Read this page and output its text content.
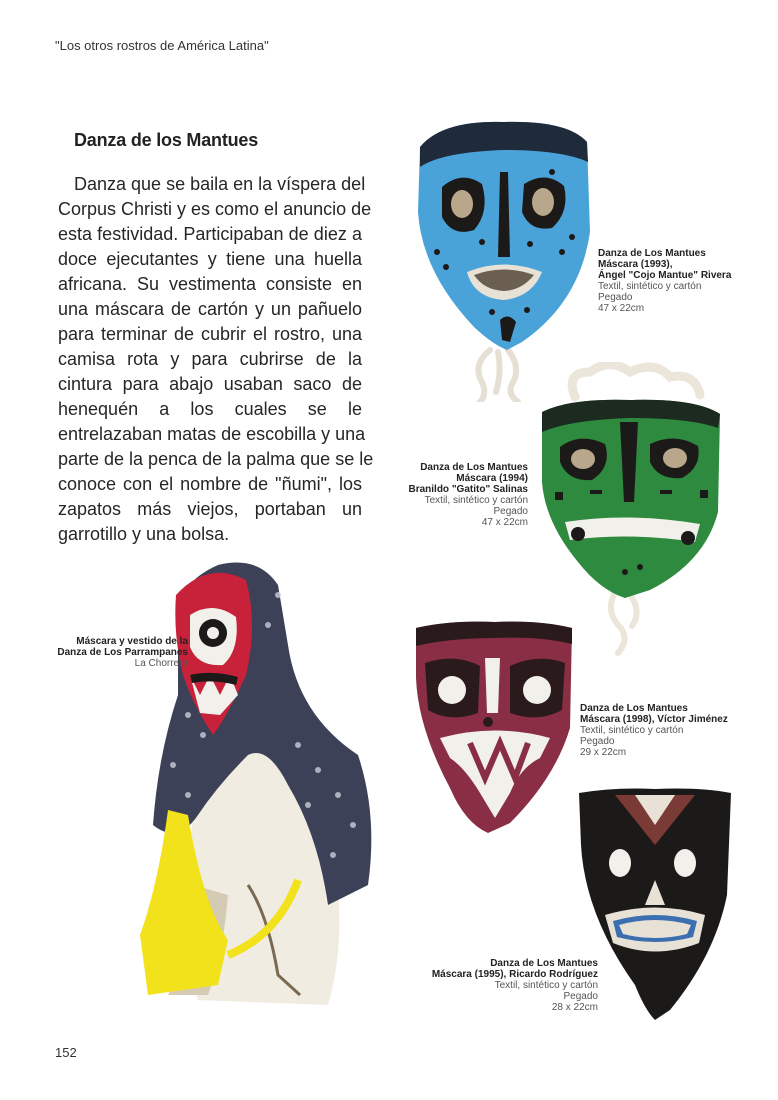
"Los otros rostros de América Latina"
Danza de los Mantues

Danza que se baila en la víspera del
Corpus Christi y es como el anuncio de
esta festividad. Participaban de diez a
doce ejecutantes y tiene una huella
africana. Su vestimenta consiste en
una máscara de cartón y un pañuelo
para terminar de cubrir el rostro, una
camisa rota y para cubrirse de la
cintura para abajo usaban saco de
henequén a los cuales se le
entrelazaban matas de escobilla y una
parte de la penca de la palma que se le
conoce con el nombre de "ñumi", los
zapatos más viejos, portaban un
garrotillo y una bolsa.

Danza de Los Mantues
Máscara (1993),
Ángel "Cojo Mantue" Rivera
Textil, sintético y cartón
Pegado
47 x 22cm
Danza de Los Mantues
Máscara (1994)
Branildo "Gatito" Salinas
Textil, sintético y cartón
Pegado
47 x 22cm
Máscara y vestido de la
Danza de Los Parrampanes
La Chorrera
Danza de Los Mantues
Máscara (1998), Víctor Jiménez
Textil, sintético y cartón
Pegado
29 x 22cm
Danza de Los Mantues
Máscara (1995), Ricardo Rodríguez
Textil, sintético y cartón
Pegado
28 x 22cm
152
